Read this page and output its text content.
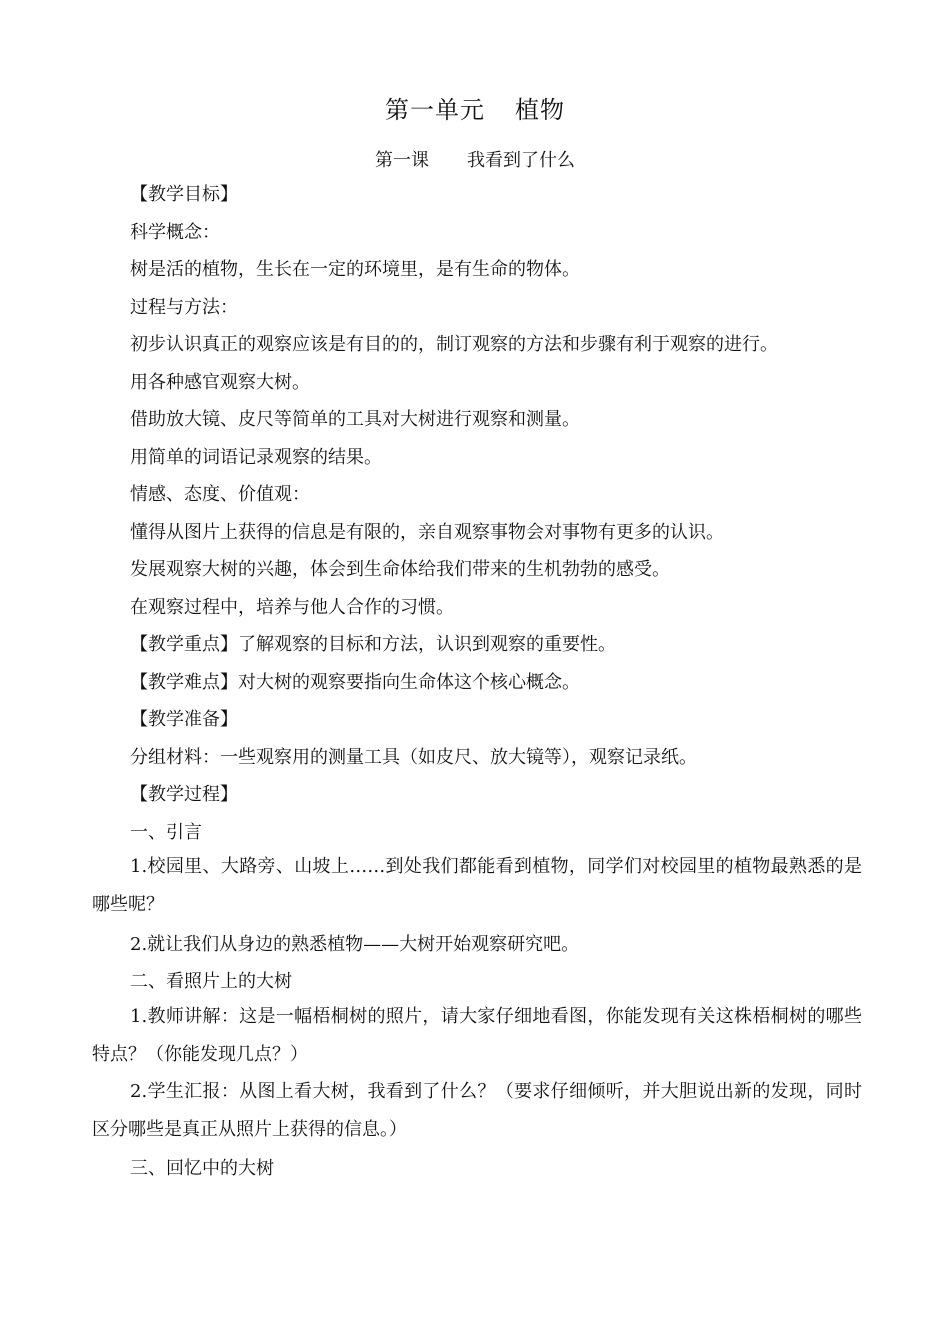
第一单元 植物
第一课 我看到了什么
【教学目标】
科学概念：
树是活的植物，生长在一定的环境里，是有生命的物体。
过程与方法：
初步认识真正的观察应该是有目的的，制订观察的方法和步骤有利于观察的进行。
用各种感官观察大树。
借助放大镜、皮尺等简单的工具对大树进行观察和测量。
用简单的词语记录观察的结果。
情感、态度、价值观：
懂得从图片上获得的信息是有限的，亲自观察事物会对事物有更多的认识。
发展观察大树的兴趣，体会到生命体给我们带来的生机勃勃的感受。
在观察过程中，培养与他人合作的习惯。
【教学重点】了解观察的目标和方法，认识到观察的重要性。
【教学难点】对大树的观察要指向生命体这个核心概念。
【教学准备】
分组材料：一些观察用的测量工具（如皮尺、放大镜等），观察记录纸。
【教学过程】
一、引言
1.校园里、大路旁、山坡上……到处我们都能看到植物，同学们对校园里的植物最熟悉的是哪些呢？
2.就让我们从身边的熟悉植物——大树开始观察研究吧。
二、看照片上的大树
1.教师讲解：这是一幅梧桐树的照片，请大家仔细地看图，你能发现有关这株梧桐树的哪些特点？（你能发现几点？）
2.学生汇报：从图上看大树，我看到了什么？（要求仔细倾听，并大胆说出新的发现，同时区分哪些是真正从照片上获得的信息。）
三、回忆中的大树
